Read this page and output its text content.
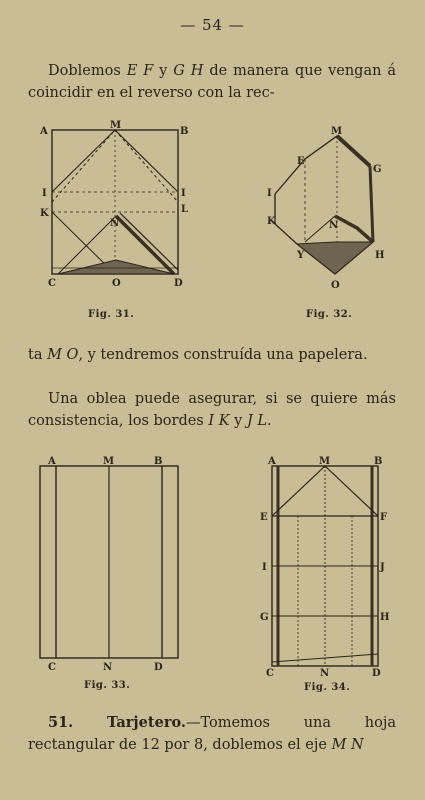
— 54 —
Doblemos E F y G H de manera que vengan á coincidir en el reverso con la rec-
A
M
B
I	I
K	L
N
C	O	D
Fig. 31.
M
E
G
I
K	N
Y	H
O
Fig. 32.
ta M O, y tendremos construída una papelera.
Una oblea puede asegurar, si se quiere más consistencia, los bordes I K y J L.
A	M	B
C	N	D
Fig. 33.
A	M	B
E	F
I	J
G	H
C	N	D
Fig. 34.
51. Tarjetero.—Tomemos una hoja rectangular de 12 por 8, doblemos el eje M N
